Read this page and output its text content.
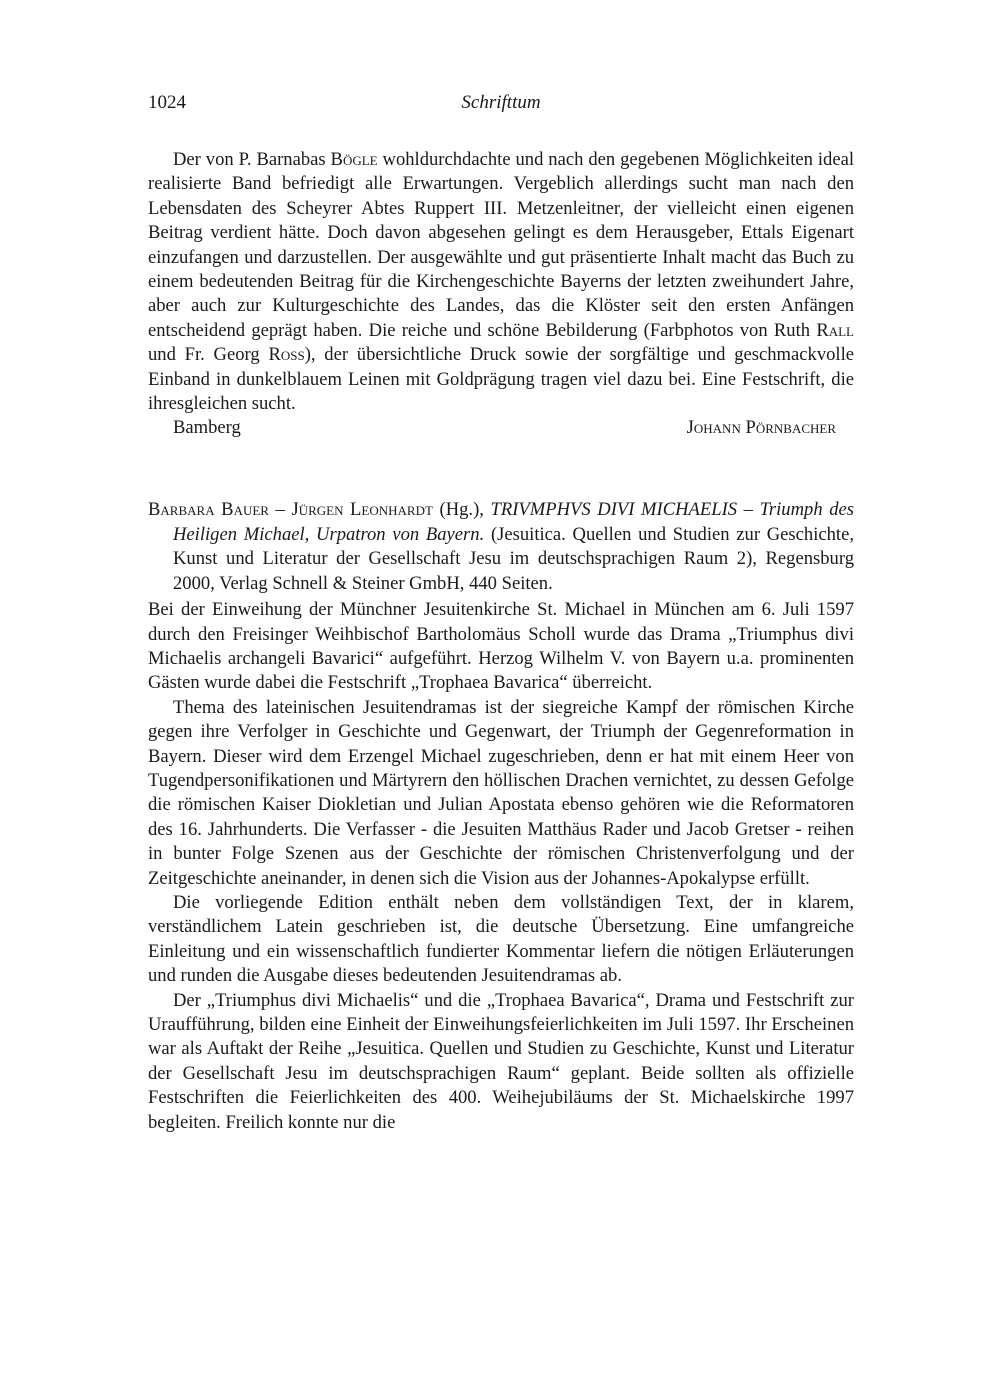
1024	Schrifttum

Der von P. Barnabas Bögle wohldurchdachte und nach den gegebenen Möglichkeiten ideal realisierte Band befriedigt alle Erwartungen. Vergeblich allerdings sucht man nach den Lebensdaten des Scheyrer Abtes Ruppert III. Metzenleitner, der vielleicht einen eigenen Beitrag verdient hätte. Doch davon abgesehen gelingt es dem Herausgeber, Ettals Eigenart einzufangen und darzustellen. Der ausgewählte und gut präsentierte Inhalt macht das Buch zu einem bedeutenden Beitrag für die Kirchengeschichte Bayerns der letzten zweihundert Jahre, aber auch zur Kulturgeschichte des Landes, das die Klöster seit den ersten Anfängen entscheidend geprägt haben. Die reiche und schöne Bebilderung (Farbphotos von Ruth Rall und Fr. Georg Ross), der übersichtliche Druck sowie der sorgfältige und geschmackvolle Einband in dunkelblauem Leinen mit Goldprägung tragen viel dazu bei. Eine Festschrift, die ihresgleichen sucht.

Bamberg	Johann Pörnbacher

Barbara Bauer – Jürgen Leonhardt (Hg.), TRIVMPHVS DIVI MICHAELIS – Triumph des Heiligen Michael, Urpatron von Bayern. (Jesuitica. Quellen und Studien zur Geschichte, Kunst und Literatur der Gesellschaft Jesu im deutschsprachigen Raum 2), Regensburg 2000, Verlag Schnell & Steiner GmbH, 440 Seiten.

Bei der Einweihung der Münchner Jesuitenkirche St. Michael in München am 6. Juli 1597 durch den Freisinger Weihbischof Bartholomäus Scholl wurde das Drama „Triumphus divi Michaelis archangeli Bavarici“ aufgeführt. Herzog Wilhelm V. von Bayern u.a. prominenten Gästen wurde dabei die Festschrift „Trophaea Bavarica“ überreicht.

Thema des lateinischen Jesuitendramas ist der siegreiche Kampf der römischen Kirche gegen ihre Verfolger in Geschichte und Gegenwart, der Triumph der Gegenreformation in Bayern. Dieser wird dem Erzengel Michael zugeschrieben, denn er hat mit einem Heer von Tugendpersonifikationen und Märtyrern den höllischen Drachen vernichtet, zu dessen Gefolge die römischen Kaiser Diokletian und Julian Apostata ebenso gehören wie die Reformatoren des 16. Jahrhunderts. Die Verfasser - die Jesuiten Matthäus Rader und Jacob Gretser - reihen in bunter Folge Szenen aus der Geschichte der römischen Christenverfolgung und der Zeitgeschichte aneinander, in denen sich die Vision aus der Johannes-Apokalypse erfüllt.

Die vorliegende Edition enthält neben dem vollständigen Text, der in klarem, verständlichem Latein geschrieben ist, die deutsche Übersetzung. Eine umfangreiche Einleitung und ein wissenschaftlich fundierter Kommentar liefern die nötigen Erläuterungen und runden die Ausgabe dieses bedeutenden Jesuitendramas ab.

Der „Triumphus divi Michaelis“ und die „Trophaea Bavarica“, Drama und Festschrift zur Uraufführung, bilden eine Einheit der Einweihungsfeierlichkeiten im Juli 1597. Ihr Erscheinen war als Auftakt der Reihe „Jesuitica. Quellen und Studien zu Geschichte, Kunst und Literatur der Gesellschaft Jesu im deutschsprachigen Raum“ geplant. Beide sollten als offizielle Festschriften die Feierlichkeiten des 400. Weihejubiläums der St. Michaelskirche 1997 begleiten. Freilich konnte nur die
